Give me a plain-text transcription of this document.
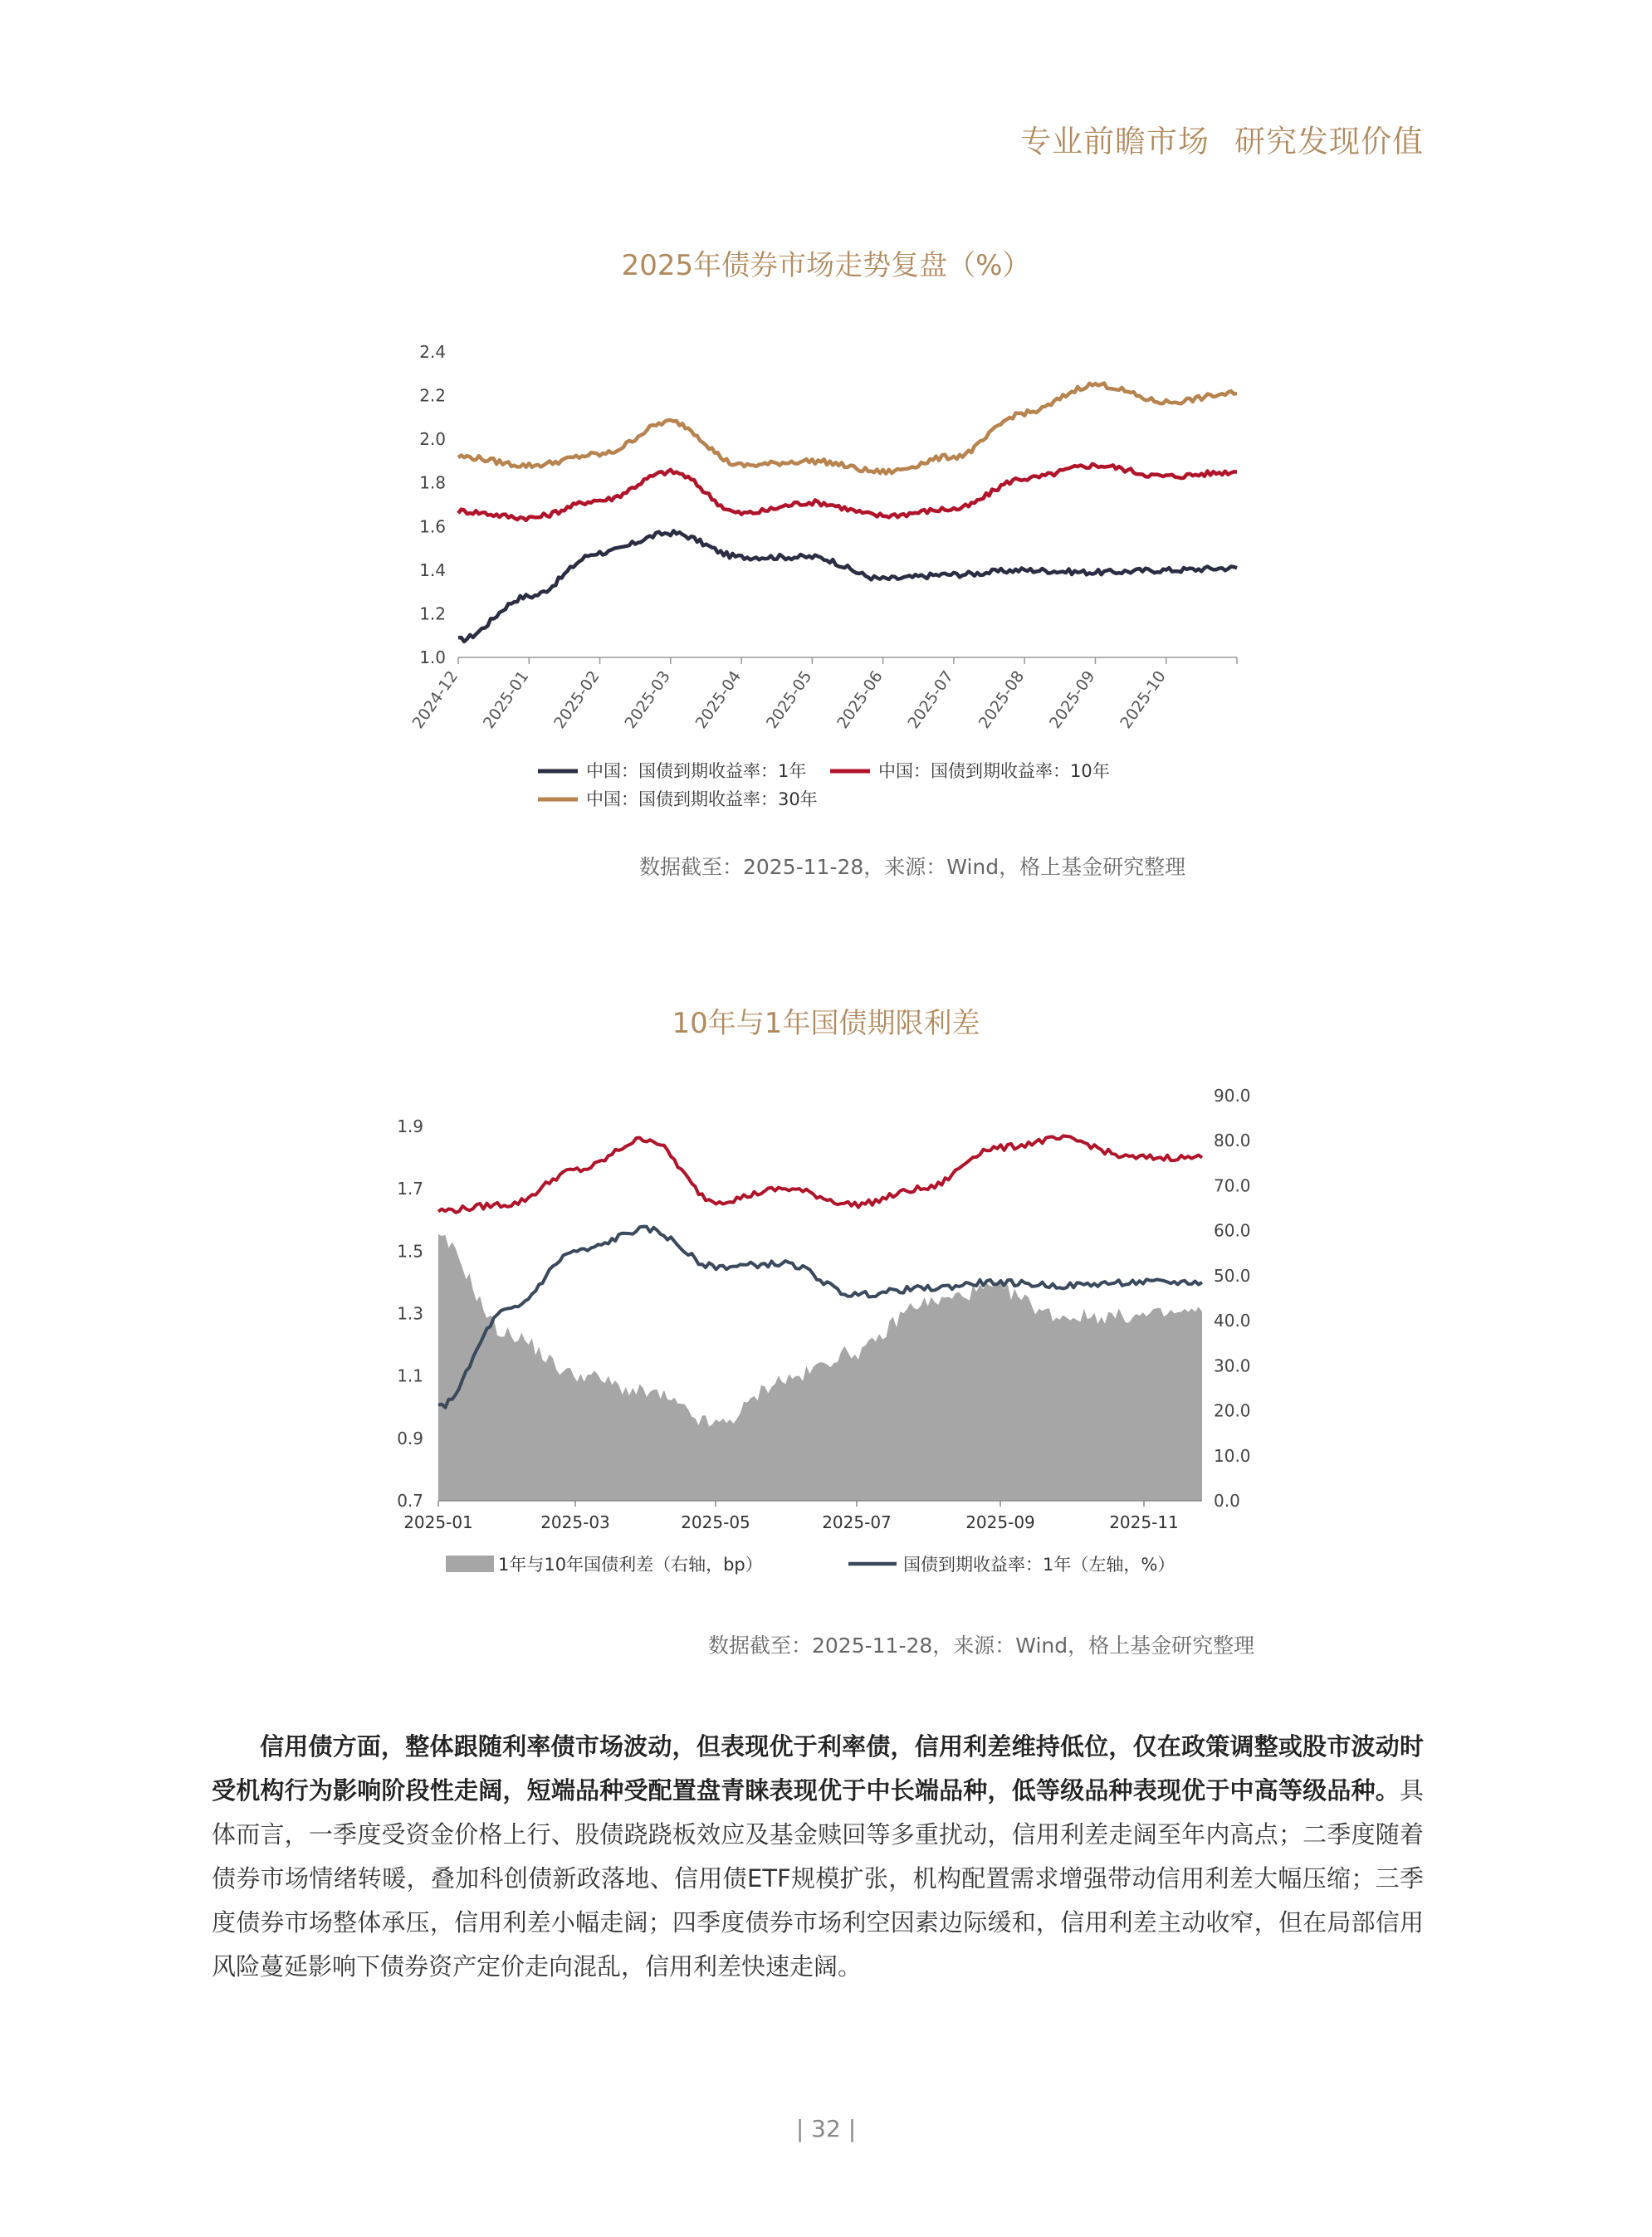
专业前瞻市场 研究发现价值
2025年债券市场走势复盘（%）
1.0
1.2
1.4
1.6
1.8
2.0
2.2
2.4
2024-12 2025-01 2025-02 2025-03 2025-04 2025-05 2025-06 2025-07 2025-08 2025-09 2025-10
中国：国债到期收益率：1年	中国：国债到期收益率：10年
中国：国债到期收益率：30年
数据截至：2025-11-28，来源：Wind，格上基金研究整理
10年与1年国债期限利差
0.7
0.9
1.1
1.3
1.5
1.7
1.9
0.0
10.0
20.0
30.0
40.0
50.0
60.0
70.0
80.0
90.0
2025-01	2025-03	2025-05	2025-07	2025-09	2025-11
1年与10年国债利差（右轴，bp）	国债到期收益率：1年（左轴，%）
数据截至：2025-11-28，来源：Wind，格上基金研究整理

信用债方面，整体跟随利率债市场波动，但表现优于利率债，信用利差维持低位，仅在政策调整或股市波动时受机构行为影响阶段性走阔，短端品种受配置盘青睐表现优于中长端品种，低等级品种表现优于中高等级品种。具体而言，一季度受资金价格上行、股债跷跷板效应及基金赎回等多重扰动，信用利差走阔至年内高点；二季度随着债券市场情绪转暖，叠加科创债新政落地、信用债ETF规模扩张，机构配置需求增强带动信用利差大幅压缩；三季度债券市场整体承压，信用利差小幅走阔；四季度债券市场利空因素边际缓和，信用利差主动收窄，但在局部信用风险蔓延影响下债券资产定价走向混乱，信用利差快速走阔。

| 32 |
